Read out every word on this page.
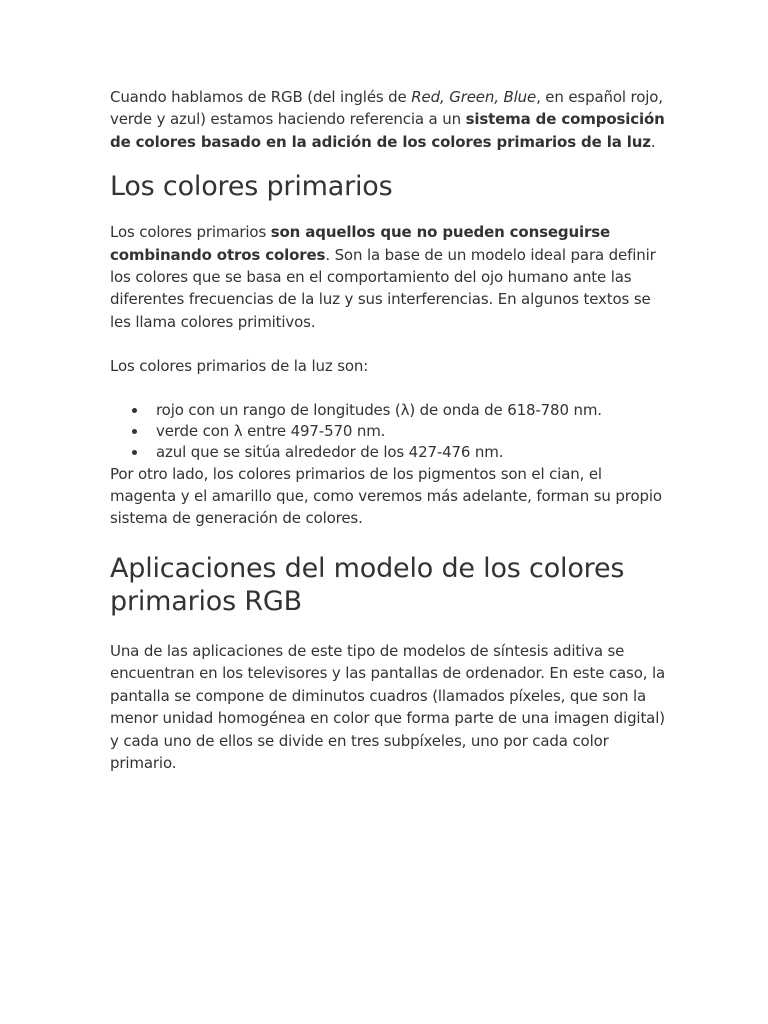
Cuando hablamos de RGB (del inglés de Red, Green, Blue, en español rojo, verde y azul) estamos haciendo referencia a un sistema de composición de colores basado en la adición de los colores primarios de la luz.

Los colores primarios

Los colores primarios son aquellos que no pueden conseguirse combinando otros colores. Son la base de un modelo ideal para definir los colores que se basa en el comportamiento del ojo humano ante las diferentes frecuencias de la luz y sus interferencias. En algunos textos se les llama colores primitivos.

Los colores primarios de la luz son:

rojo con un rango de longitudes (λ) de onda de 618-780 nm.
verde con λ entre 497-570 nm.
azul que se sitúa alrededor de los 427-476 nm.

Por otro lado, los colores primarios de los pigmentos son el cian, el magenta y el amarillo que, como veremos más adelante, forman su propio sistema de generación de colores.

Aplicaciones del modelo de los colores primarios RGB

Una de las aplicaciones de este tipo de modelos de síntesis aditiva se encuentran en los televisores y las pantallas de ordenador. En este caso, la pantalla se compone de diminutos cuadros (llamados píxeles, que son la menor unidad homogénea en color que forma parte de una imagen digital) y cada uno de ellos se divide en tres subpíxeles, uno por cada color primario.
